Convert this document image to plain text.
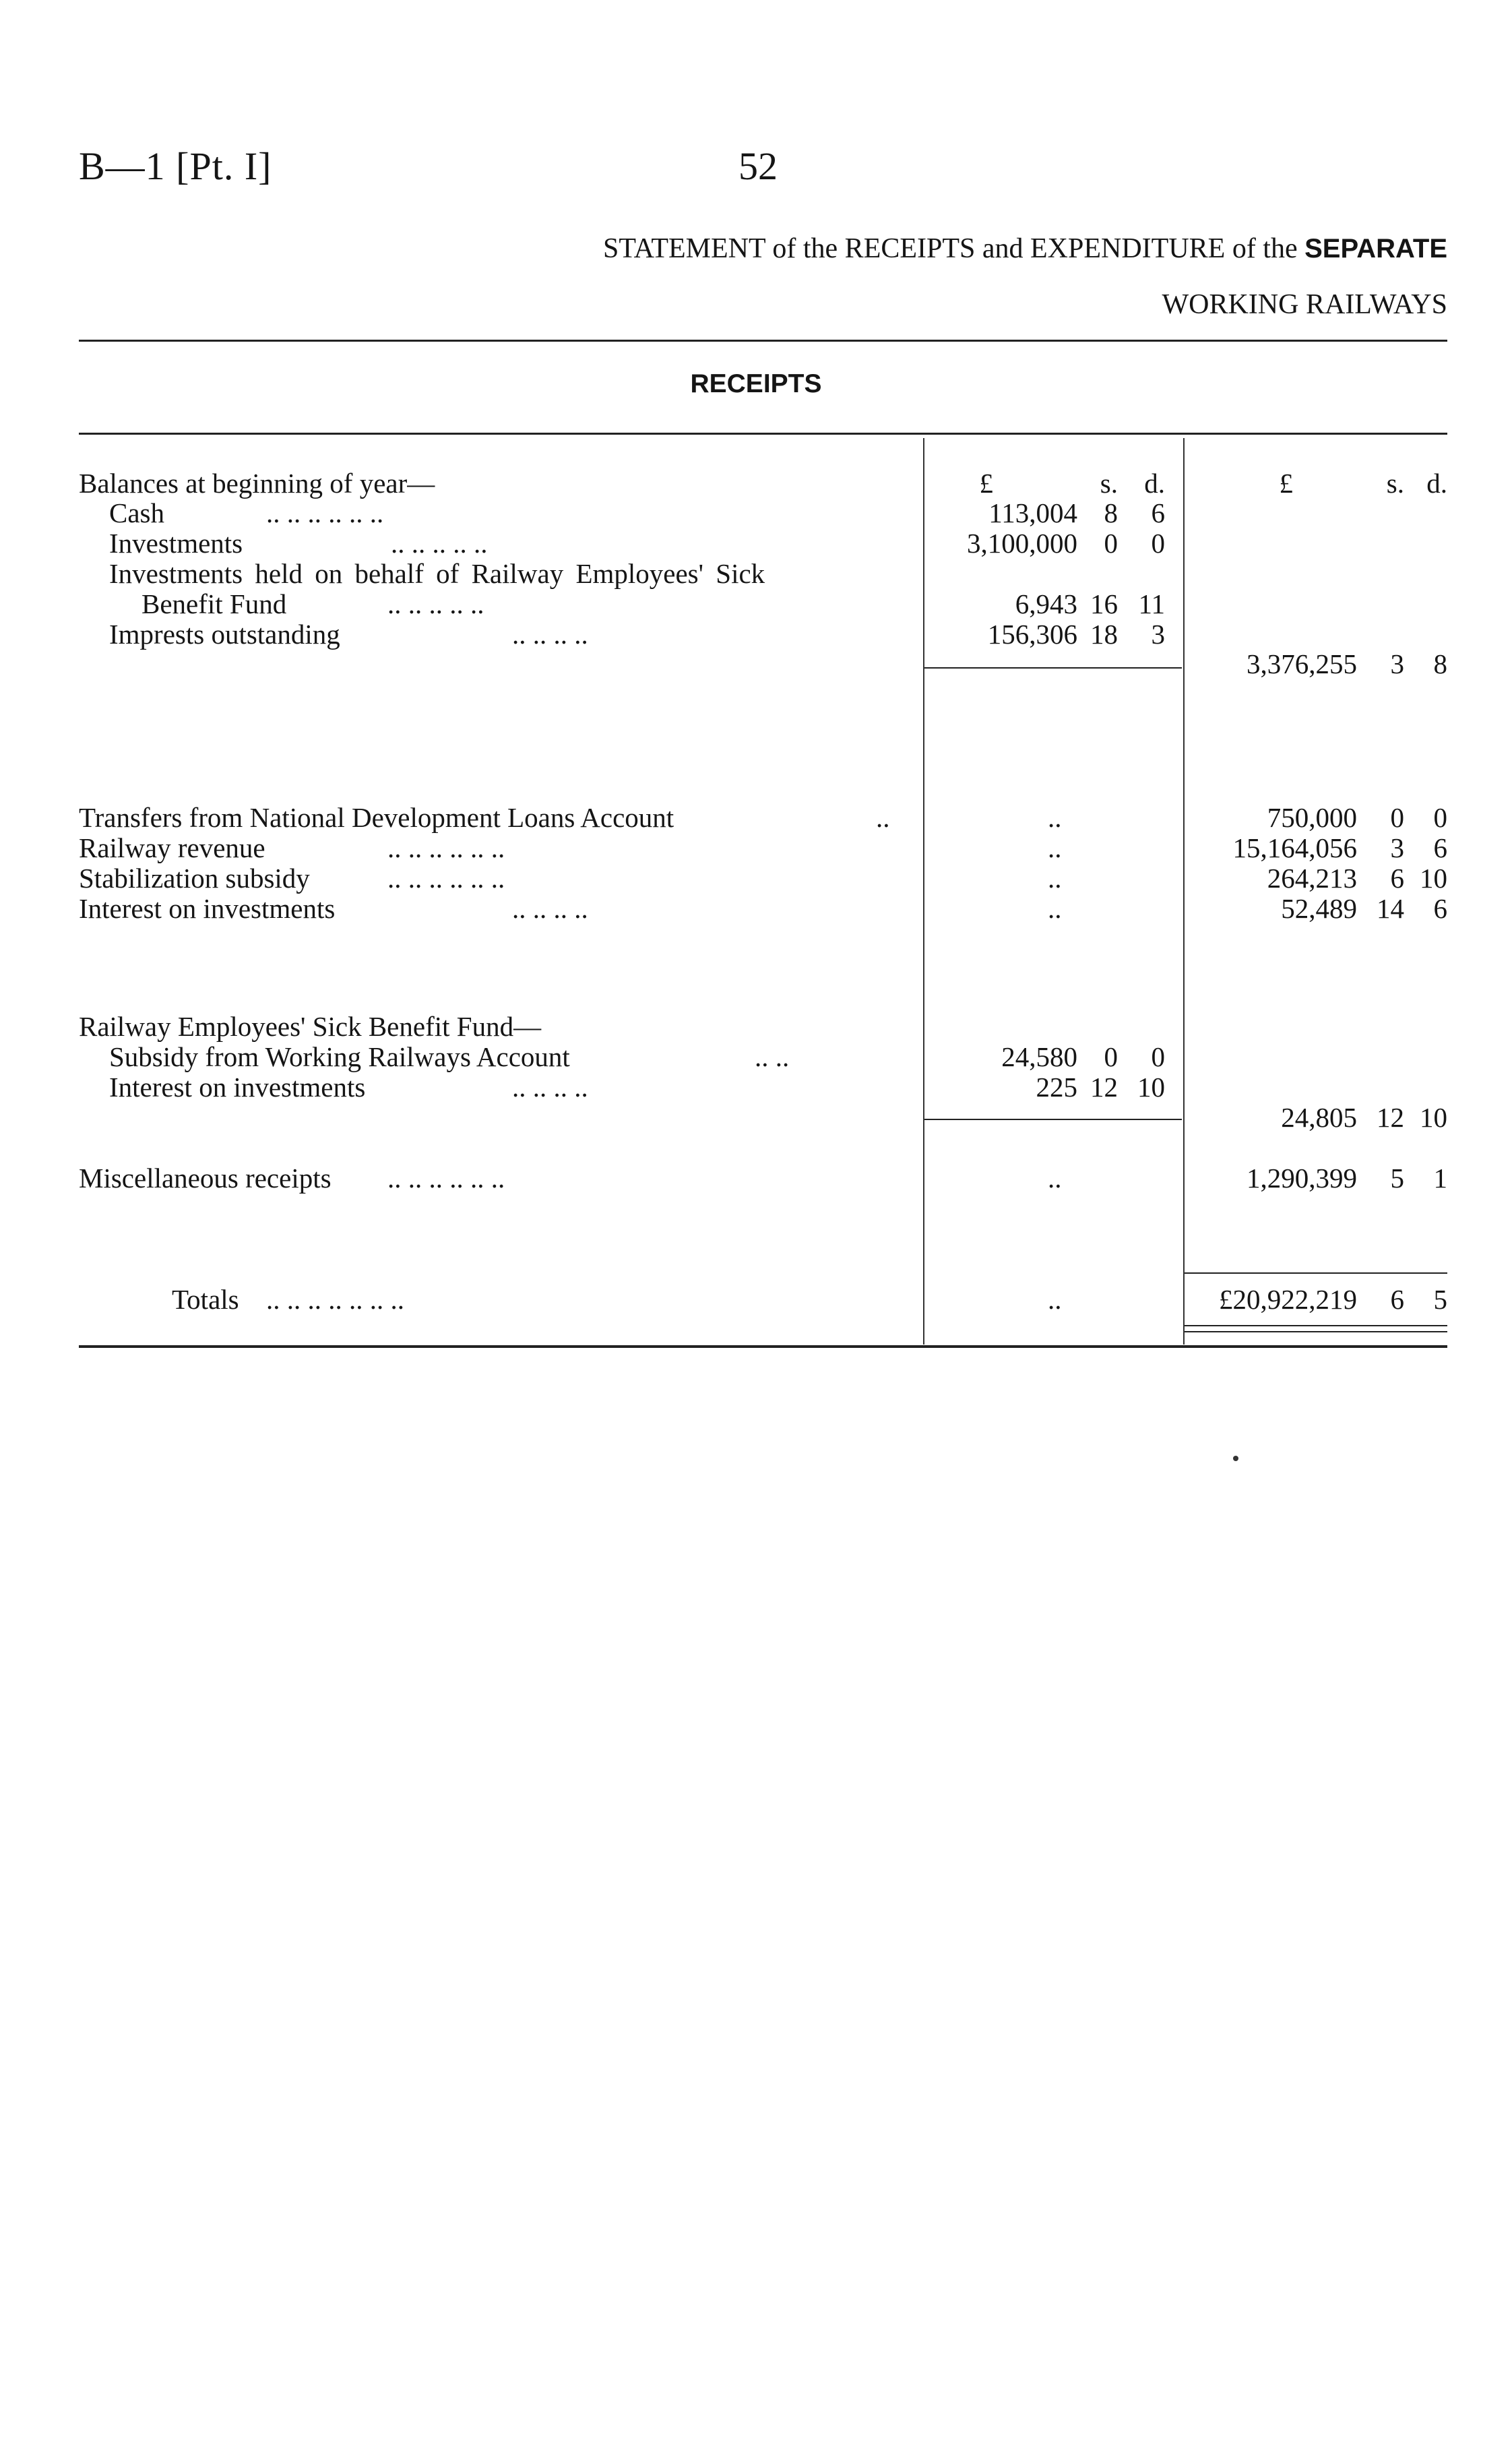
B—1 [Pt. I]	52
STATEMENT of the RECEIPTS and EXPENDITURE of the SEPARATE
WORKING RAILWAYS
RECEIPTS
Balances at beginning of year—	£	s. d.	£	s. d.
Cash	.. .. .. .. .. ..	113,004 8	6
Investments	.. .. .. .. ..	3,100,000 0	0
Investments held on behalf of Railway Employees' Sick
Benefit Fund	.. .. .. .. ..	6,943 16 11
Imprests outstanding	.. .. .. ..	156,306 18	3
3,376,255	3	8
Transfers from National Development Loans Account	..	..	750,000	0	0
Railway revenue	.. .. .. .. .. ..	..	15,164,056	3	6
Stabilization subsidy	.. .. .. .. .. ..	..	264,213	6 10
Interest on investments	.. .. .. ..	..	52,489 14	6
Railway Employees' Sick Benefit Fund—
Subsidy from Working Railways Account	.. ..	24,580 0	0
Interest on investments	.. .. .. ..	225 12 10
24,805 12 10
Miscellaneous receipts .. .. .. .. .. ..	..	1,290,399	5	1
Totals .. .. .. .. .. .. ..	..	£20,922,219	6	5
